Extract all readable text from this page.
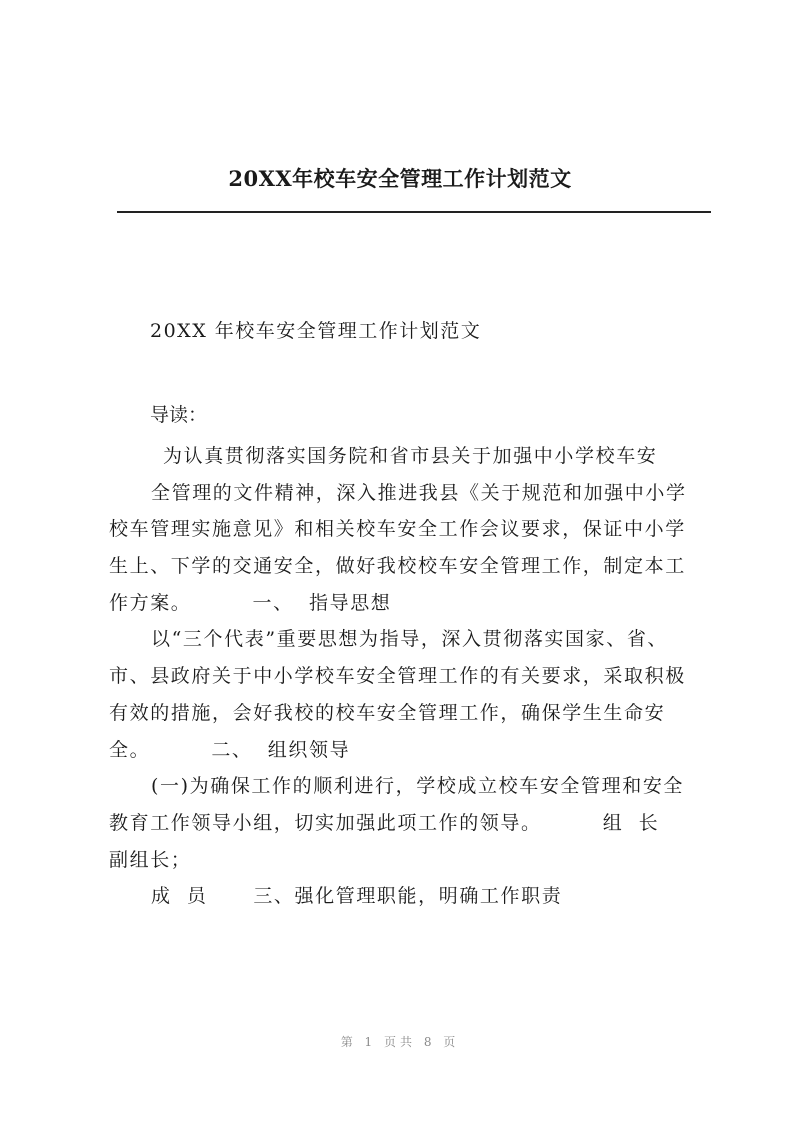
20XX年校车安全管理工作计划范文
20XX 年校车安全管理工作计划范文
导读：
为认真贯彻落实国务院和省市县关于加强中小学校车安
全管理的文件精神，深入推进我县《关于规范和加强中小学
校车管理实施意见》和相关校车安全工作会议要求，保证中小学
生上、下学的交通安全，做好我校校车安全管理工作，制定本工
作方案。        一、  指导思想
以“三个代表”重要思想为指导，深入贯彻落实国家、省、
市、县政府关于中小学校车安全管理工作的有关要求，采取积极
有效的措施，会好我校的校车安全管理工作，确保学生生命安
全。        二、  组织领导
(一)为确保工作的顺利进行，学校成立校车安全管理和安全
教育工作领导小组，切实加强此项工作的领导。        组  长
副组长；
成  员      三、强化管理职能，明确工作职责
第 1 页共 8 页
